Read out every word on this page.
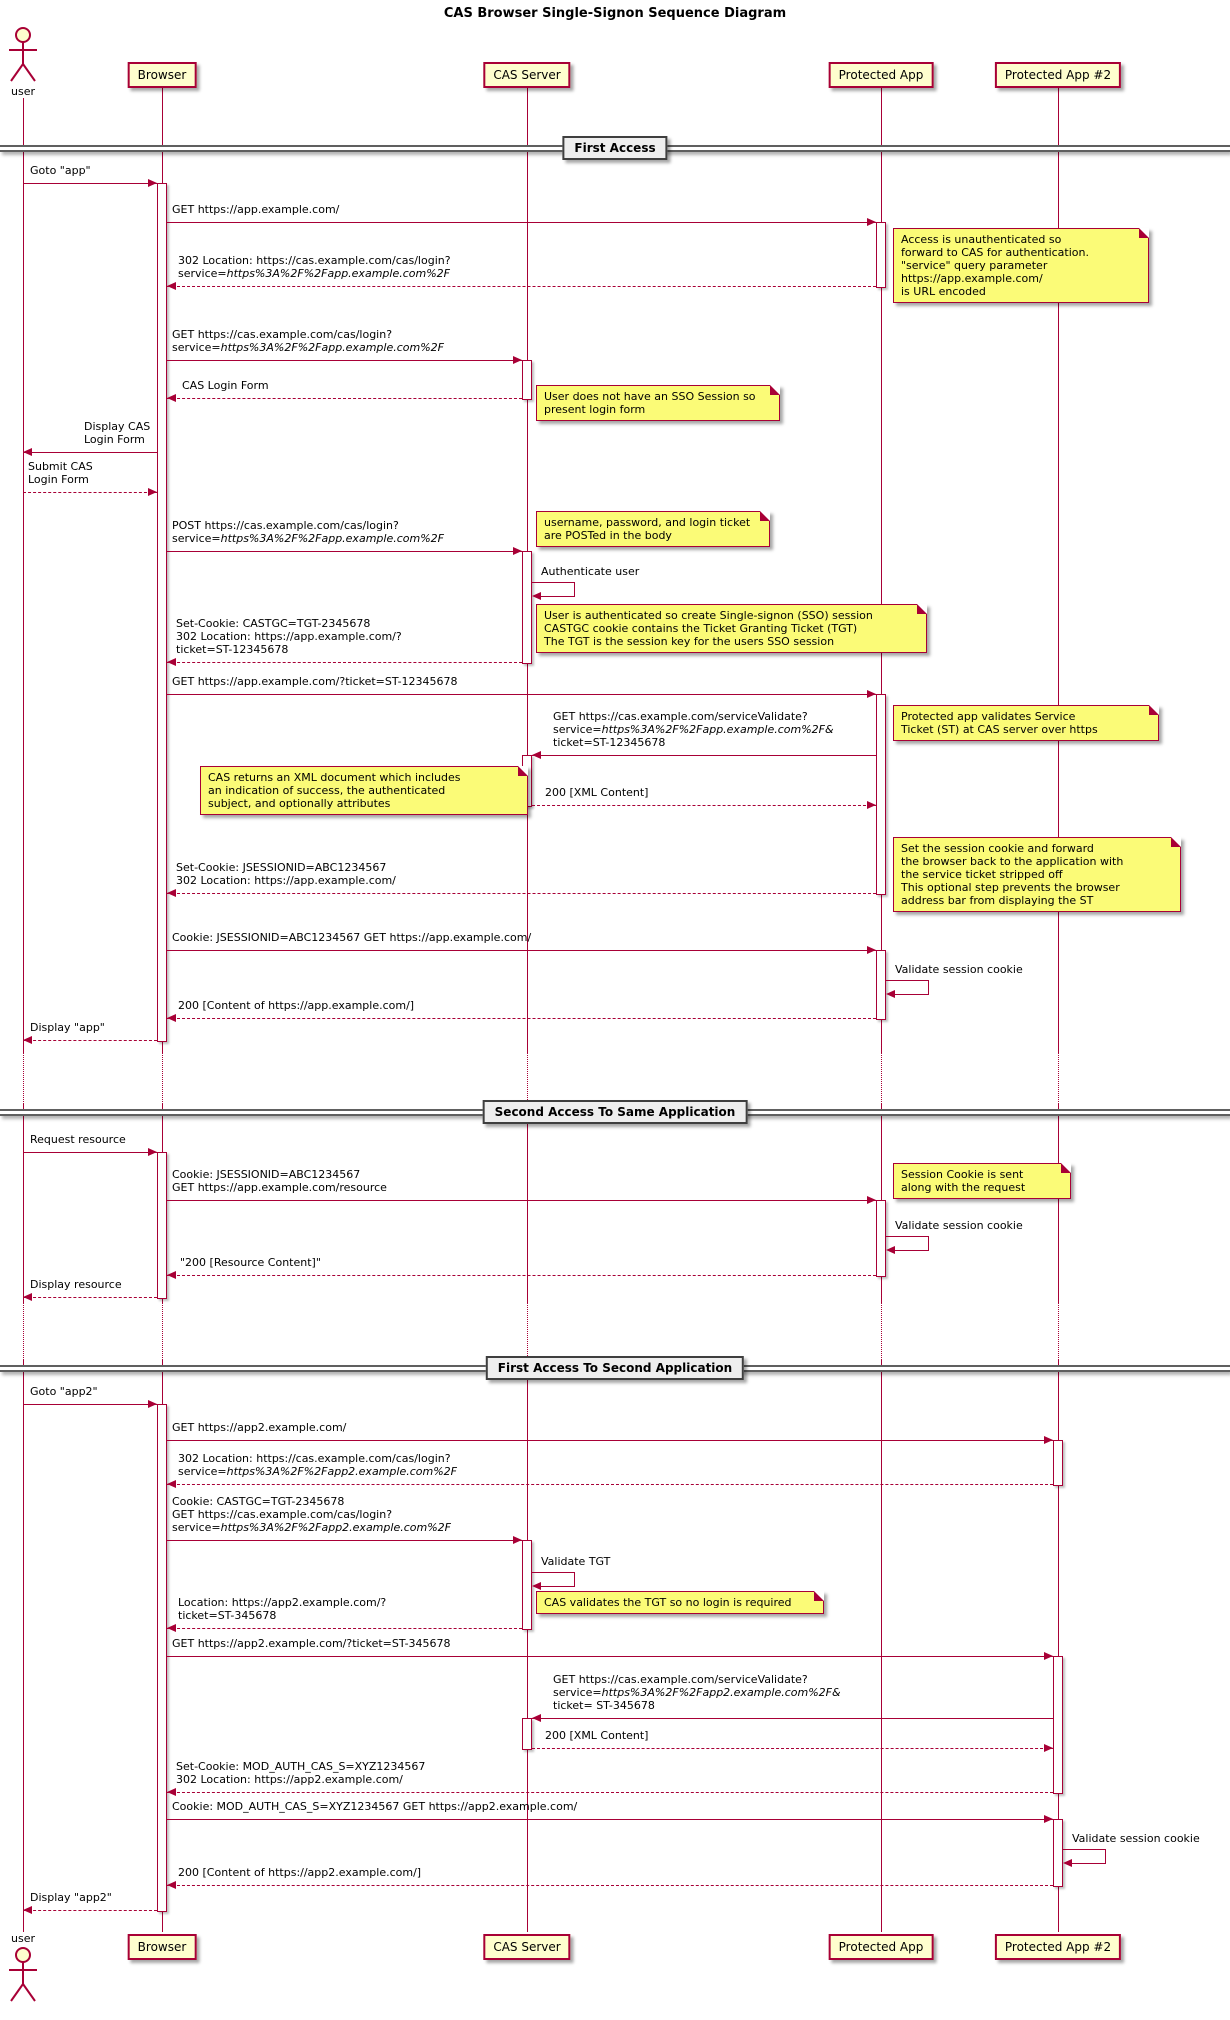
CAS Browser Single-Signon Sequence Diagram
First Access
Second Access To Same Application
First Access To Second Application
Goto "app"
GET https://app.example.com/
302 Location: https://cas.example.com/cas/login?
service=https%3A%2F%2Fapp.example.com%2F
GET https://cas.example.com/cas/login?
service=https%3A%2F%2Fapp.example.com%2F
CAS Login Form
Display CAS
Login Form
Submit CAS
Login Form
POST https://cas.example.com/cas/login?
service=https%3A%2F%2Fapp.example.com%2F
Set-Cookie: CASTGC=TGT-2345678
302 Location: https://app.example.com/?
ticket=ST-12345678
GET https://app.example.com/?ticket=ST-12345678
GET https://cas.example.com/serviceValidate?
service=https%3A%2F%2Fapp.example.com%2F&
ticket=ST-12345678
200 [XML Content]
Set-Cookie: JSESSIONID=ABC1234567
302 Location: https://app.example.com/
Cookie: JSESSIONID=ABC1234567 GET https://app.example.com/
200 [Content of https://app.example.com/]
Display "app"
Request resource
Cookie: JSESSIONID=ABC1234567
GET https://app.example.com/resource
"200 [Resource Content]"
Display resource
Goto "app2"
GET https://app2.example.com/
302 Location: https://cas.example.com/cas/login?
service=https%3A%2F%2Fapp2.example.com%2F
Cookie: CASTGC=TGT-2345678
GET https://cas.example.com/cas/login?
service=https%3A%2F%2Fapp2.example.com%2F
Location: https://app2.example.com/?
ticket=ST-345678
GET https://app2.example.com/?ticket=ST-345678
GET https://cas.example.com/serviceValidate?
service=https%3A%2F%2Fapp2.example.com%2F&
ticket= ST-345678
200 [XML Content]
Set-Cookie: MOD_AUTH_CAS_S=XYZ1234567
302 Location: https://app2.example.com/
Cookie: MOD_AUTH_CAS_S=XYZ1234567 GET https://app2.example.com/
200 [Content of https://app2.example.com/]
Display "app2"
Authenticate user
Validate session cookie
Validate session cookie
Validate TGT
Validate session cookie
Access is unauthenticated so
forward to CAS for authentication.
"service" query parameter
https://app.example.com/
is URL encoded
User does not have an SSO Session so
present login form
username, password, and login ticket
are POSTed in the body
User is authenticated so create Single-signon (SSO) session
CASTGC cookie contains the Ticket Granting Ticket (TGT)
The TGT is the session key for the users SSO session
Protected app validates Service
Ticket (ST) at CAS server over https
CAS returns an XML document which includes
an indication of success, the authenticated
subject, and optionally attributes
Set the session cookie and forward
the browser back to the application with
the service ticket stripped off
This optional step prevents the browser
address bar from displaying the ST
Session Cookie is sent
along with the request
CAS validates the TGT so no login is required
user
user
Browser
Browser
CAS Server
CAS Server
Protected App
Protected App
Protected App #2
Protected App #2
